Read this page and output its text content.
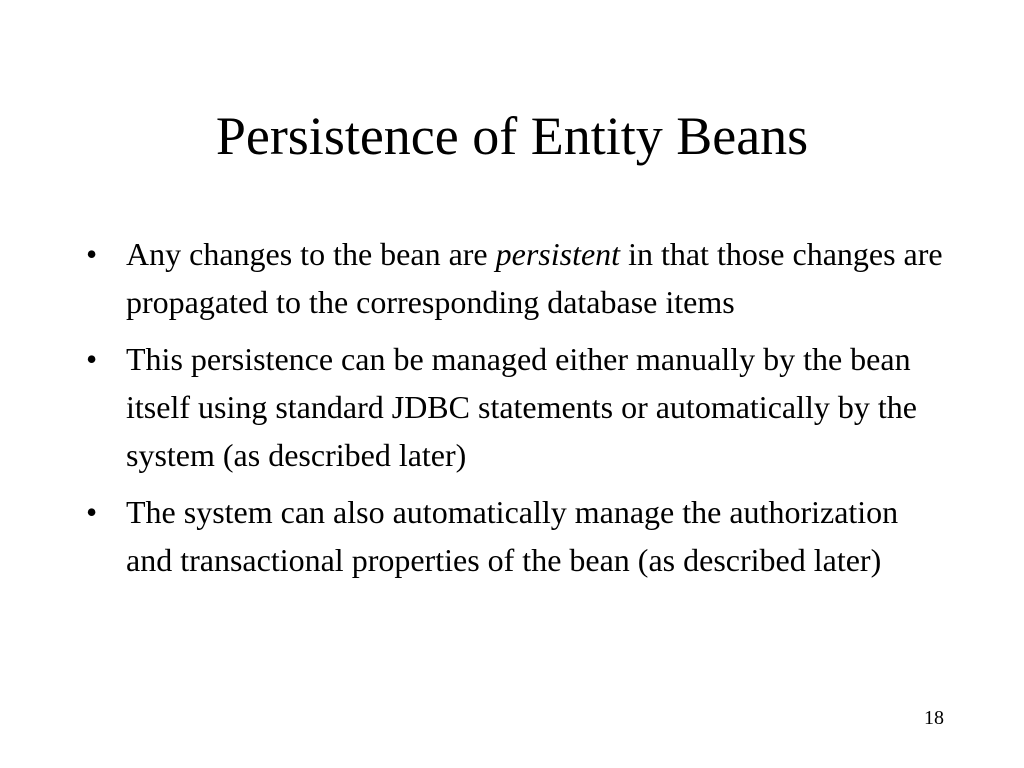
Persistence of Entity Beans
• Any changes to the bean are persistent in that those changes are propagated to the corresponding database items
• This persistence can be managed either manually by the bean itself using standard JDBC statements or automatically by the system (as described later)
• The system can also automatically manage the authorization and transactional properties of the bean (as described later)
18
